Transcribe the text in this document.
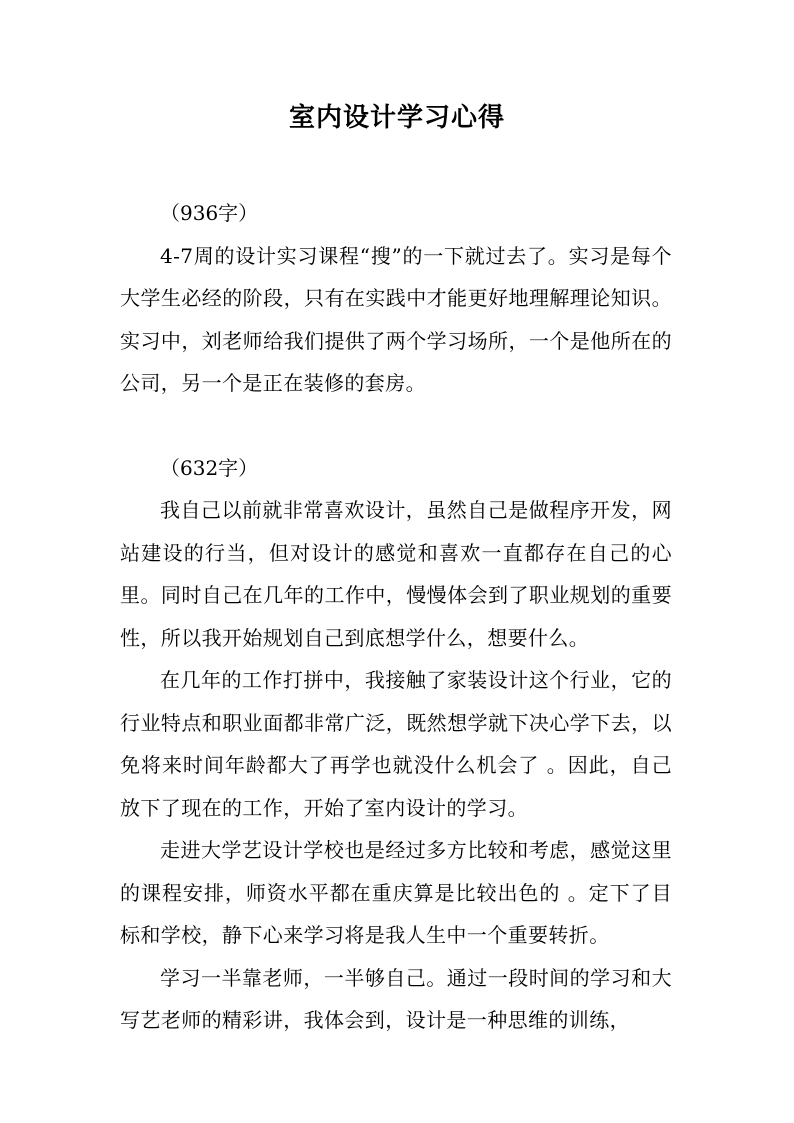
室内设计学习心得

（936字）

4-7周的设计实习课程“搜”的一下就过去了。实习是每个大学生必经的阶段，只有在实践中才能更好地理解理论知识。实习中，刘老师给我们提供了两个学习场所，一个是他所在的公司，另一个是正在装修的套房。

（632字）

我自己以前就非常喜欢设计，虽然自己是做程序开发，网站建设的行当，但对设计的感觉和喜欢一直都存在自己的心里。同时自己在几年的工作中，慢慢体会到了职业规划的重要性，所以我开始规划自己到底想学什么，想要什么。

在几年的工作打拼中，我接触了家装设计这个行业，它的行业特点和职业面都非常广泛，既然想学就下决心学下去，以免将来时间年龄都大了再学也就没什么机会了 。因此，自己放下了现在的工作，开始了室内设计的学习。

走进大学艺设计学校也是经过多方比较和考虑，感觉这里的课程安排，师资水平都在重庆算是比较出色的 。定下了目标和学校，静下心来学习将是我人生中一个重要转折。

学习一半靠老师，一半够自己。通过一段时间的学习和大写艺老师的精彩讲，我体会到，设计是一种思维的训练，
